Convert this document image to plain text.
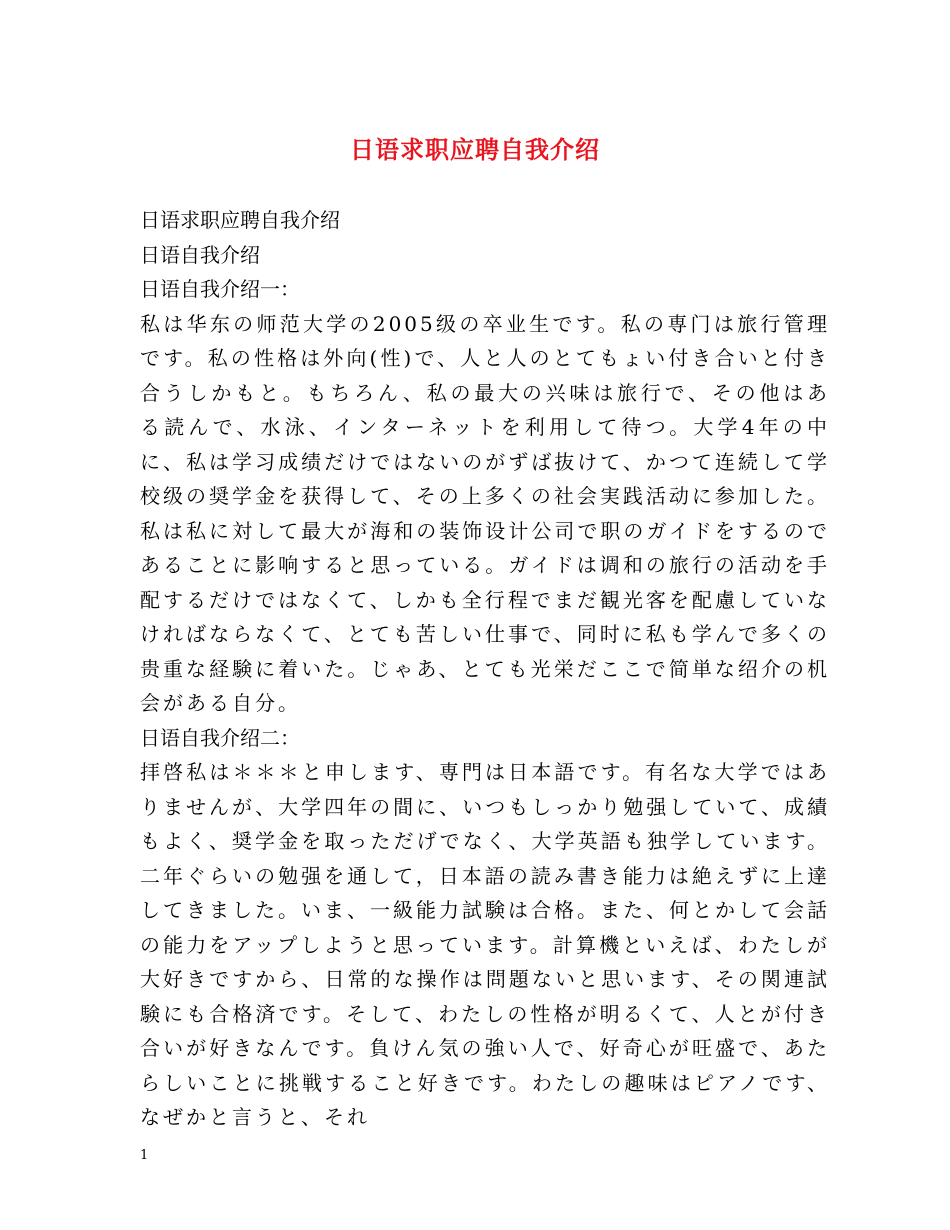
日语求职应聘自我介绍

日语求职应聘自我介绍

日语自我介绍

日语自我介绍一：

私は华东の师范大学の2005级の卒业生です。私の専门は旅行管理です。私の性格は外向(性)で、人と人のとてもょい付き合いと付き合うしかもと。もちろん、私の最大の兴味は旅行で、その他はある読んで、水泳、インターネットを利用して待つ。大学4年の中に、私は学习成绩だけではないのがずば抜けて、かつて连続して学校级の奨学金を获得して、その上多くの社会実践活动に参加した。私は私に対して最大が海和の装饰设计公司で职のガイドをするのであることに影响すると思っている。ガイドは调和の旅行の活动を手配するだけではなくて、しかも全行程でまだ観光客を配慮していなければならなくて、とても苦しい仕事で、同时に私も学んで多くの贵重な経験に着いた。じゃあ、とても光栄だここで简単な绍介の机会がある自分。

日语自我介绍二：

拝啓私は＊＊＊と申します、専門は日本語です。有名な大学ではありませんが、大学四年の間に、いつもしっかり勉强していて、成績もよく、奨学金を取っただげでなく、大学英語も独学しています。二年ぐらいの勉强を通して，日本語の読み書き能力は絶えずに上達してきました。いま、一級能力試験は合格。また、何とかして会話の能力をアップしようと思っています。計算機といえば、わたしが大好きですから、日常的な操作は問題ないと思います、その関連試験にも合格済です。そして、わたしの性格が明るくて、人とが付き合いが好きなんです。負けん気の強い人で、好奇心が旺盛で、あたらしいことに挑戦すること好きです。わたしの趣味はピアノです、なぜかと言うと、それ

1
